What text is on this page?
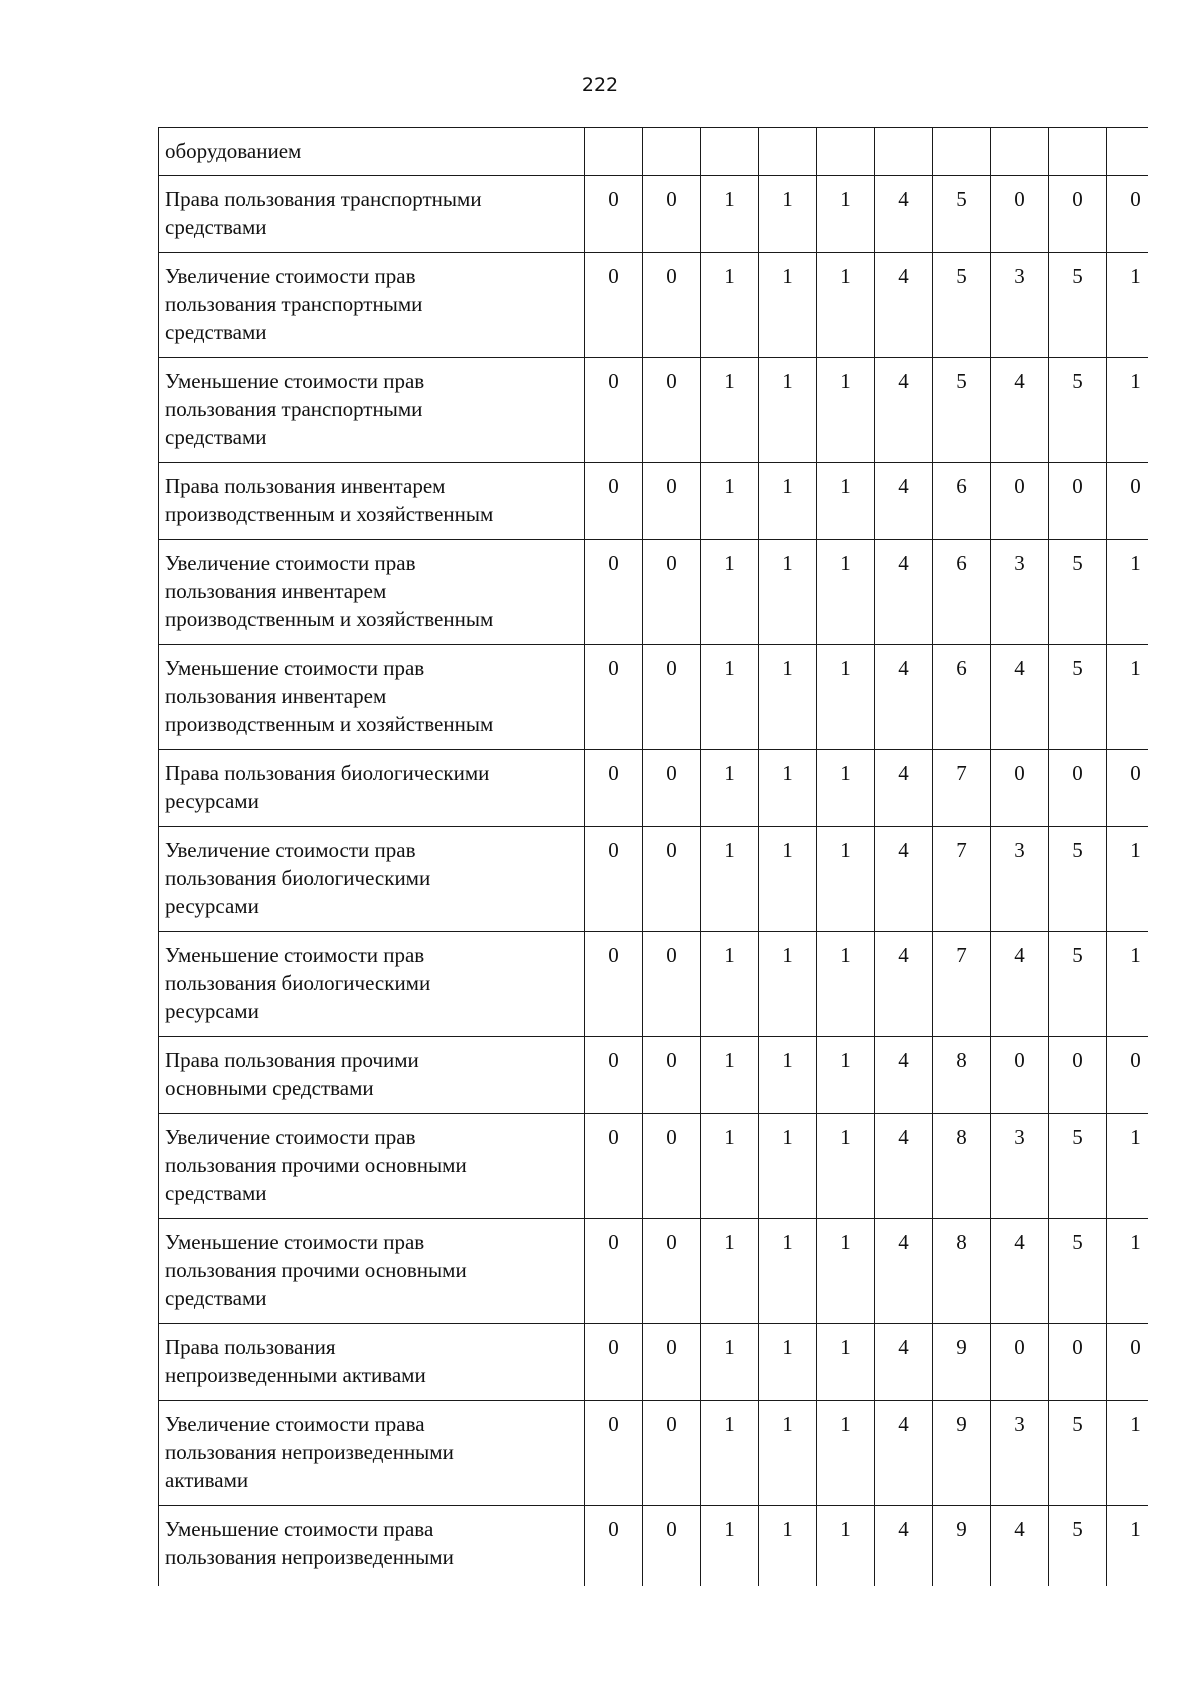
222
оборудованием										

Права пользования транспортными
средствами	0	0	1	1	1	4	5	0	0	0

Увеличение стоимости прав
пользования транспортными
средствами	0	0	1	1	1	4	5	3	5	1

Уменьшение стоимости прав
пользования транспортными
средствами	0	0	1	1	1	4	5	4	5	1

Права пользования инвентарем
производственным и хозяйственным	0	0	1	1	1	4	6	0	0	0

Увеличение стоимости прав
пользования инвентарем
производственным и хозяйственным	0	0	1	1	1	4	6	3	5	1

Уменьшение стоимости прав
пользования инвентарем
производственным и хозяйственным	0	0	1	1	1	4	6	4	5	1

Права пользования биологическими
ресурсами	0	0	1	1	1	4	7	0	0	0

Увеличение стоимости прав
пользования биологическими
ресурсами	0	0	1	1	1	4	7	3	5	1

Уменьшение стоимости прав
пользования биологическими
ресурсами	0	0	1	1	1	4	7	4	5	1

Права пользования прочими
основными средствами	0	0	1	1	1	4	8	0	0	0

Увеличение стоимости прав
пользования прочими основными
средствами	0	0	1	1	1	4	8	3	5	1

Уменьшение стоимости прав
пользования прочими основными
средствами	0	0	1	1	1	4	8	4	5	1

Права пользования
непроизведенными активами	0	0	1	1	1	4	9	0	0	0

Увеличение стоимости права
пользования непроизведенными
активами	0	0	1	1	1	4	9	3	5	1

Уменьшение стоимости права
пользования непроизведенными	0	0	1	1	1	4	9	4	5	1
